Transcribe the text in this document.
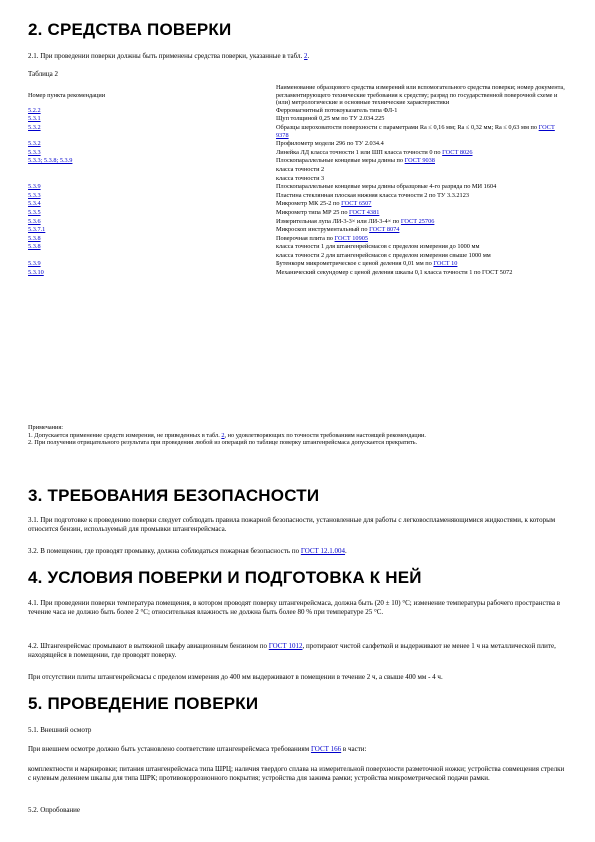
2. СРЕДСТВА ПОВЕРКИ
2.1. При проведении поверки должны быть применены средства поверки, указанные в табл. 2.
Таблица 2
Номер пункта рекомендации	Наименование образцового средства измерений или вспомогательного средства поверки; номер документа, регламентирующего технические требования к средству; разряд по государственной поверочной схеме и (или) метрологические и основные технические характеристики
5.2.2	Ферромагнитный потокоуказатель типа ФЛ-1
5.3.1	Щуп толщиной 0,25 мм по ТУ 2.034.225
5.3.2	Образцы шероховатости поверхности с параметрами Ra ≤ 0,16 мм; Ra ≤ 0,32 мм; Ra ≤ 0,63 мм по ГОСТ 9378
5.3.2	Профилометр модели 296 по ТУ 2.034.4
5.3.3	Линейка ЛД класса точности 1 или ШП класса точности 0 по ГОСТ 8026
5.3.3; 5.3.8; 5.3.9	Плоскопараллельные концевые меры длины по ГОСТ 9038
	класса точности 2
	класса точности 3
5.3.9	Плоскопараллельные концевые меры длины образцовые 4-го разряда по МИ 1604
5.3.3	Пластина стеклянная плоская нижняя класса точности 2 по ТУ 3.3.2123
5.3.4	Микрометр МК 25-2 по ГОСТ 6507
5.3.5	Микрометр типа МР 25 по ГОСТ 4381
5.3.6	Измерительная лупа ЛИ-3-3× или ЛИ-3-4× по ГОСТ 25706
5.3.7.1	Микроскоп инструментальный по ГОСТ 8074
5.3.8	Поверочная плита по ГОСТ 10905
5.3.8	класса точности 1 для штангенрейсмасов с пределом измерения до 1000 мм
	класса точности 2 для штангенрейсмасов с пределом измерения свыше 1000 мм
5.3.9	Бутенкорм микрометрическое с ценой деления 0,01 мм по ГОСТ 10
5.3.10	Механический секундомер с ценой деления шкалы 0,1 класса точности 1 по ГОСТ 5072
Примечания:
1. Допускается применение средств измерения, не приведенных в табл. 2, но удовлетворяющих по точности требованиям настоящей рекомендации.
2. При получении отрицательного результата при проведении любой из операций по таблице поверку штангенрейсмаса допускается прекратить.
3. ТРЕБОВАНИЯ БЕЗОПАСНОСТИ
3.1. При подготовке к проведению поверки следует соблюдать правила пожарной безопасности, установленные для работы с легковоспламеняющимися жидкостями, к которым относится бензин, используемый для промывки штангенрейсмаса.
3.2. В помещении, где проводят промывку, должна соблюдаться пожарная безопасность по ГОСТ 12.1.004.
4. УСЛОВИЯ ПОВЕРКИ И ПОДГОТОВКА К НЕЙ
4.1. При проведении поверки температура помещения, в котором проводят поверку штангенрейсмаса, должна быть (20 ± 10) °С; изменение температуры рабочего пространства в течение часа не должно быть более 2 °С; относительная влажность не должна быть более 80 % при температуре 25 °С.
4.2. Штангенрейсмас промывают в вытяжной шкафу авиационным бензином по ГОСТ 1012, протирают чистой салфеткой и выдерживают не менее 1 ч на металлической плите, находящейся в помещении, где проводят поверку.
При отсутствии плиты штангенрейсмасы с пределом измерения до 400 мм выдерживают в помещении в течение 2 ч, а свыше 400 мм - 4 ч.
5. ПРОВЕДЕНИЕ ПОВЕРКИ
5.1. Внешний осмотр
При внешнем осмотре должно быть установлено соответствие штангенрейсмаса требованиям ГОСТ 166 в части:
комплектности и маркировки; питания штангенрейсмаса типа ШРЦ; наличия твердого сплава на измерительной поверхности разметочной ножки; устройства совмещения стрелки с нулевым делением шкалы для типа ШРК; противокоррозионного покрытия; устройства для зажима рамки; устройства микрометрической подачи рамки.
5.2. Опробование
